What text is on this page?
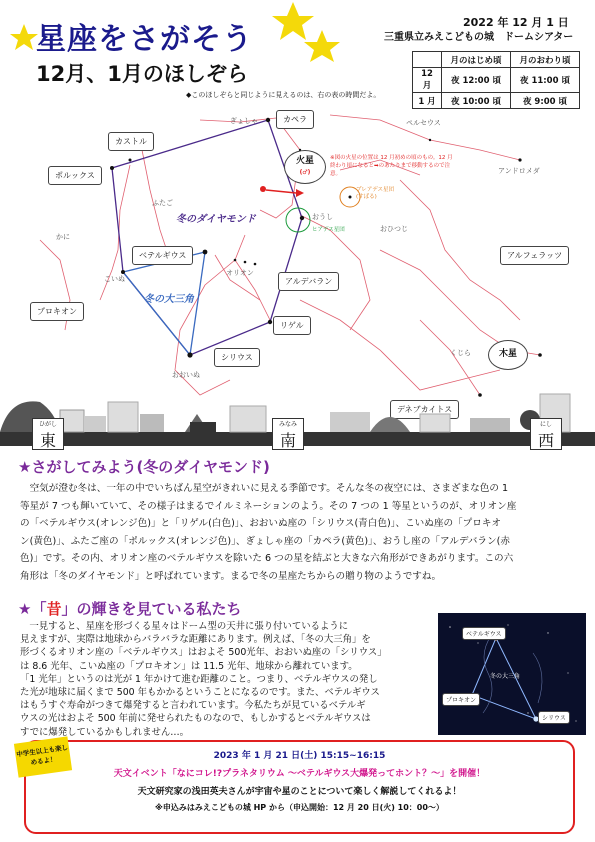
星座をさがそう
12月、1月のほしぞら
2022 年 12 月 1 日
三重県立みえこどもの城　ドームシアター
	月のはじめ頃	月のおわり頃
12 月	夜 12:00 頃	夜 11:00 頃
1 月	夜 10:00 頃	夜 9:00 頃
◆このほしぞらと同じように見えるのは、右の表の時間だよ。
カストル
カペラ
ポルックス
ベテルギウス
プロキオン
アルデバラン
リゲル
シリウス
アルフェラッツ
デネブカイトス
火星
(♂)
木星
※図の火星の位置は 12 月初めの頃のもの。12 月終わり頃になると➡のあたりまで移動するので注意。
冬のダイヤモンド
冬の大三角
プレアデス星団
(すばる)
ヒアデス星団
ぎょしゃ
ふたご
かに
こいぬ
オリオン
おうし
おひつじ
ペルセウス
アンドロメダ
おおいぬ
くじら
ひがし
東
みなみ
南
にし
西
★さがしてみよう(冬のダイヤモンド)
　空気が澄む冬は、一年の中でいちばん星空がきれいに見える季節です。そんな冬の夜空には、さまざまな色の 1
等星が 7 つも輝いていて、その様子はまるでイルミネーションのよう。その 7 つの 1 等星というのが、オリオン座
の「ベテルギウス(オレンジ色)」と「リゲル(白色)」、おおいぬ座の「シリウス(青白色)」、こいぬ座の「プロキオ
ン(黄色)」、ふたご座の「ポルックス(オレンジ色)」、ぎょしゃ座の「カペラ(黄色)」、おうし座の「アルデバラン(赤
色)」です。その内、オリオン座のベテルギウスを除いた 6 つの星を結ぶと大きな六角形ができあがります。この六
角形は「冬のダイヤモンド」と呼ばれています。まるで冬の星座たちからの贈り物のようですね。
★「昔」の輝きを見ている私たち
　一見すると、星座を形づくる星々はドーム型の天井に張り付いているように
見えますが、実際は地球からバラバラな距離にあります。例えば、「冬の大三角」を
形づくるオリオン座の「ベテルギウス」はおよそ 500光年、おおいぬ座の「シリウス」
は 8.6 光年、こいぬ座の「プロキオン」は 11.5 光年、地球から離れています。
「1 光年」というのは光が 1 年かけて進む距離のこと。つまり、ベテルギウスの発し
た光が地球に届くまで 500 年もかかるということになるのです。また、ベテルギウス
はもうすぐ寿命がつきて爆発すると言われています。今私たちが見ているベテルギ
ウスの光はおよそ 500 年前に発せられたものなので、もしかするとベテルギウスは
すでに爆発しているかもしれません…。
ベテルギウス
冬の大三角
プロキオン
シリウス
2023 年 1 月 21 日(土) 15:15~16:15
天文イベント「なにコレ!?プラネタリウム ～ベテルギウス大爆発ってホント？～」を開催！
天文研究家の浅田英夫さんが宇宙や星のことについて楽しく解説してくれるよ！
※申込みはみえこどもの城 HP から（申込開始：12 月 20 日(火) 10：00～）
中学生以上も楽しめるよ！
